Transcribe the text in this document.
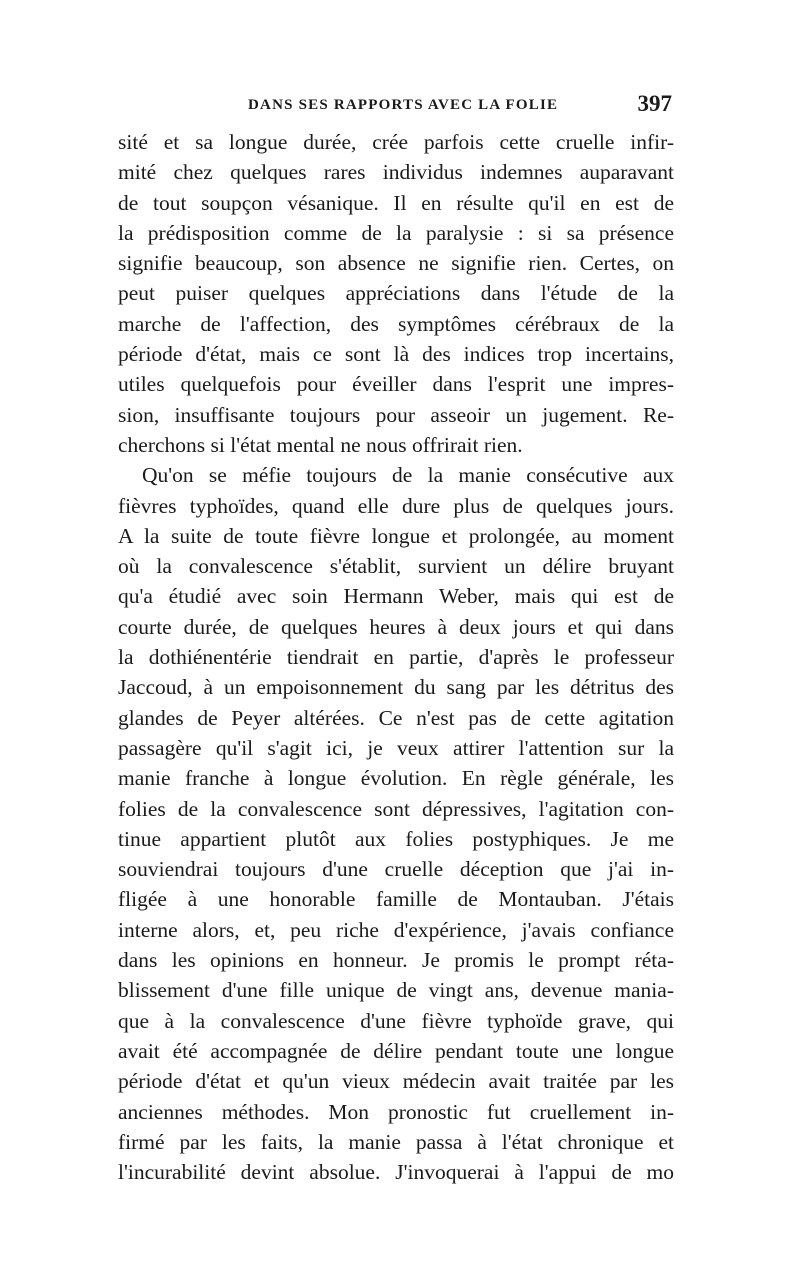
DANS SES RAPPORTS AVEC LA FOLIE	397
sité et sa longue durée, crée parfois cette cruelle infir-
mité chez quelques rares individus indemnes auparavant
de tout soupçon vésanique. Il en résulte qu'il en est de
la prédisposition comme de la paralysie : si sa présence
signifie beaucoup, son absence ne signifie rien. Certes, on
peut puiser quelques appréciations dans l'étude de la
marche de l'affection, des symptômes cérébraux de la
période d'état, mais ce sont là des indices trop incertains,
utiles quelquefois pour éveiller dans l'esprit une impres-
sion, insuffisante toujours pour asseoir un jugement. Re-
cherchons si l'état mental ne nous offrirait rien.
Qu'on se méfie toujours de la manie consécutive aux
fièvres typhoïdes, quand elle dure plus de quelques jours.
A la suite de toute fièvre longue et prolongée, au moment
où la convalescence s'établit, survient un délire bruyant
qu'a étudié avec soin Hermann Weber, mais qui est de
courte durée, de quelques heures à deux jours et qui dans
la dothiénentérie tiendrait en partie, d'après le professeur
Jaccoud, à un empoisonnement du sang par les détritus des
glandes de Peyer altérées. Ce n'est pas de cette agitation
passagère qu'il s'agit ici, je veux attirer l'attention sur la
manie franche à longue évolution. En règle générale, les
folies de la convalescence sont dépressives, l'agitation con-
tinue appartient plutôt aux folies postyphiques. Je me
souviendrai toujours d'une cruelle déception que j'ai in-
fligée à une honorable famille de Montauban. J'étais
interne alors, et, peu riche d'expérience, j'avais confiance
dans les opinions en honneur. Je promis le prompt réta-
blissement d'une fille unique de vingt ans, devenue mania-
que à la convalescence d'une fièvre typhoïde grave, qui
avait été accompagnée de délire pendant toute une longue
période d'état et qu'un vieux médecin avait traitée par les
anciennes méthodes. Mon pronostic fut cruellement in-
firmé par les faits, la manie passa à l'état chronique et
l'incurabilité devint absolue. J'invoquerai à l'appui de mo
